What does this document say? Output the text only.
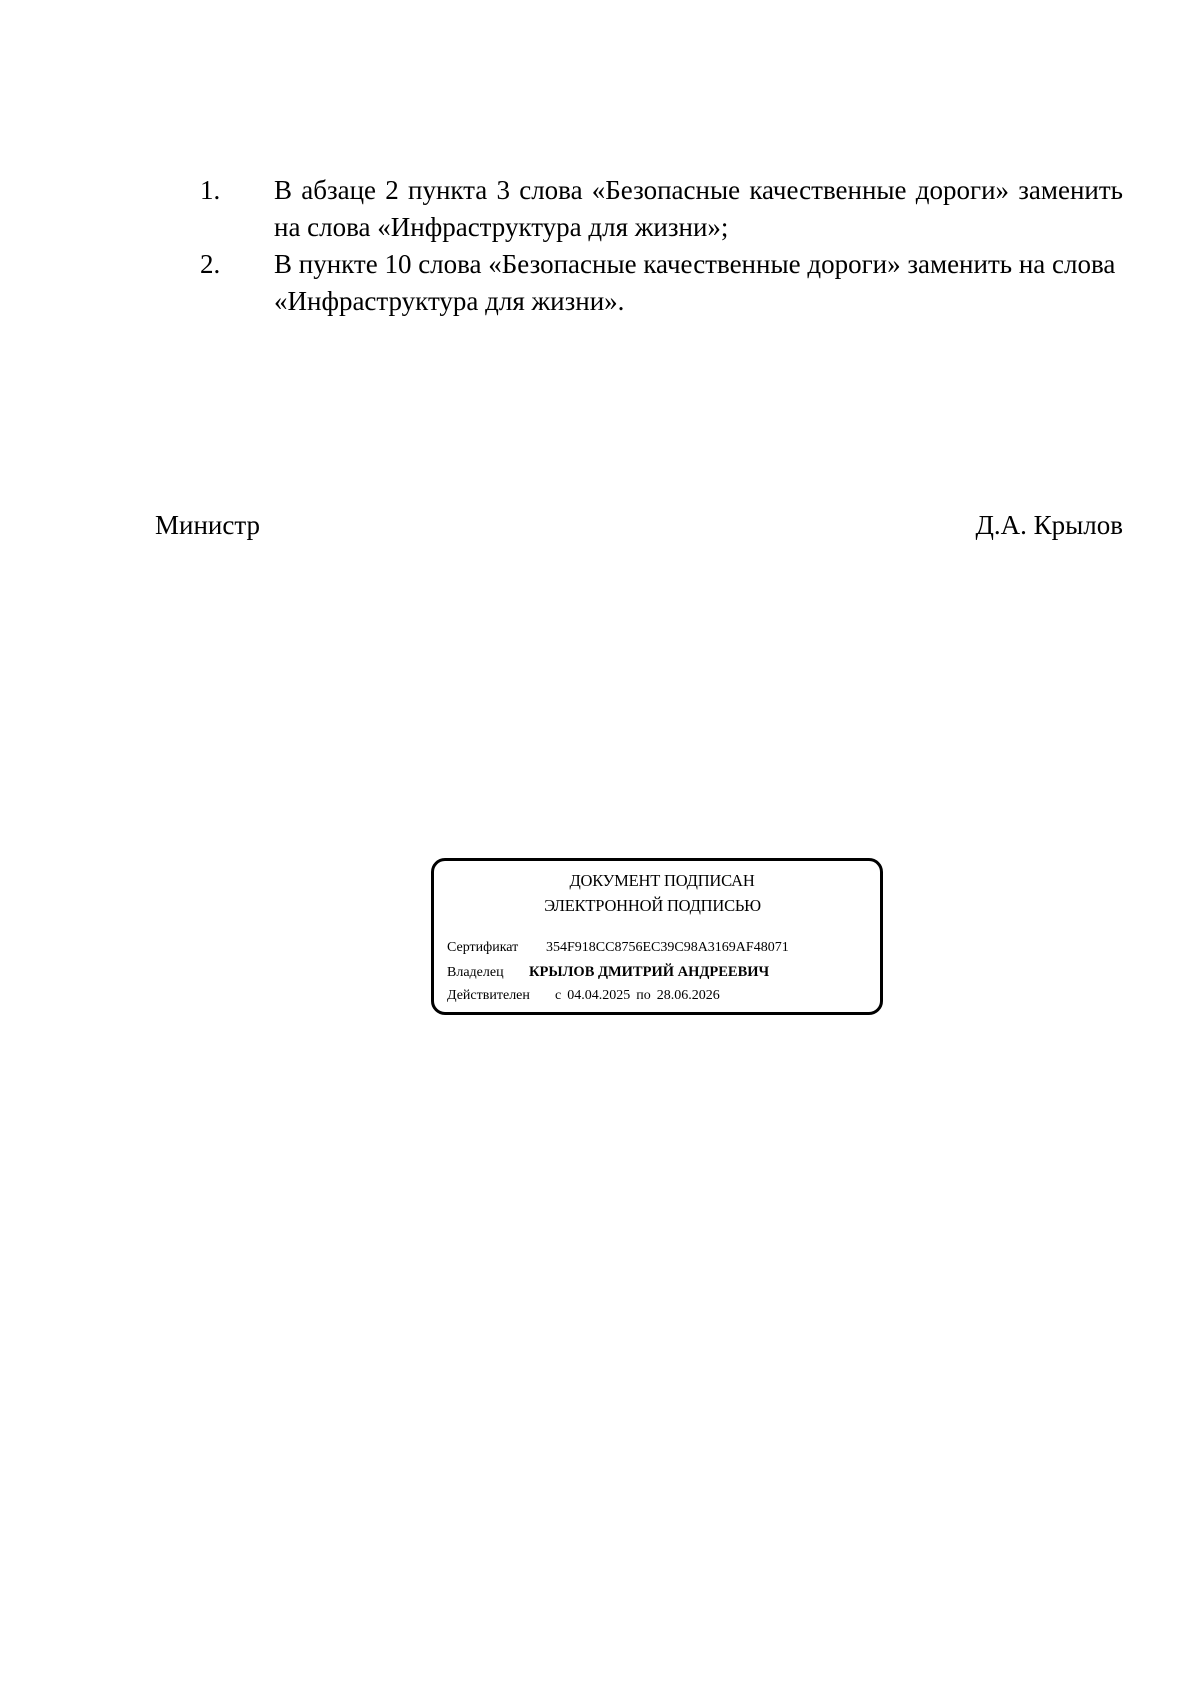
1.	В абзаце 2 пункта 3 слова «Безопасные качественные дороги» заменить на слова «Инфраструктура для жизни»;
2.	В пункте 10 слова «Безопасные качественные дороги» заменить на слова «Инфраструктура для жизни».
Министр	Д.А. Крылов
ДОКУМЕНТ ПОДПИСАН
ЭЛЕКТРОННОЙ ПОДПИСЬЮ
Сертификат 354F918CC8756EC39C98A3169AF48071
Владелец КРЫЛОВ ДМИТРИЙ АНДРЕЕВИЧ
Действителен с 04.04.2025 по 28.06.2026
